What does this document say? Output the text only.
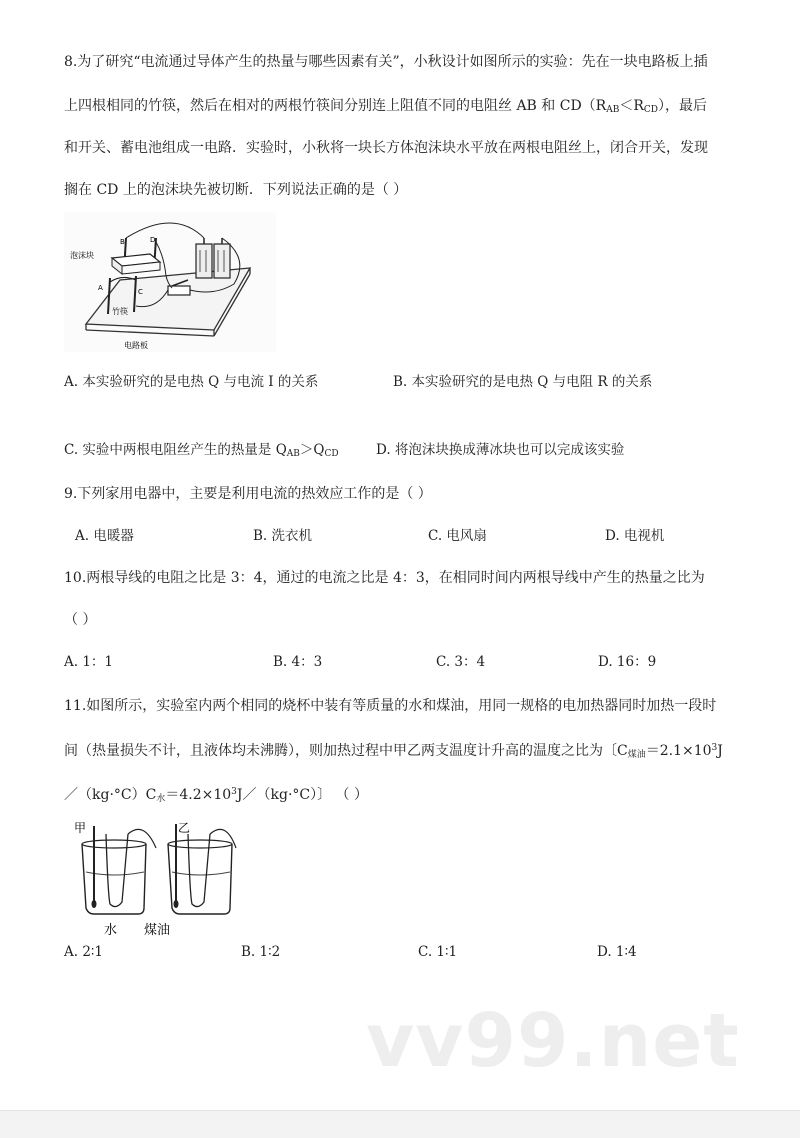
8.为了研究“电流通过导体产生的热量与哪些因素有关”，小秋设计如图所示的实验：先在一块电路板上插
上四根相同的竹筷，然后在相对的两根竹筷间分别连上阻值不同的电阻丝 AB 和 $CD(R_{AB}<R_{CD})$，最后
和开关、蓄电池组成一电路．实验时，小秋将一块长方体泡沫块水平放在两根电阻丝上，闭合开关，发现
搁在 CD 上的泡沫块先被切断．下列说法正确的是（ ）
泡沫块
B	D
A	C
竹筷
电路板
A. 本实验研究的是电热 Q 与电流 I 的关系	B. 本实验研究的是电热 Q 与电阻 R 的关系
C. 实验中两根电阻丝产生的热量是 $Q_{AB}>Q_{CD}$	D. 将泡沫块换成薄冰块也可以完成该实验
9.下列家用电器中，主要是利用电流的热效应工作的是（ ）
A. 电暖器	B. 洗衣机	C. 电风扇	D. 电视机
10.两根导线的电阻之比是 3：4，通过的电流之比是 4：3，在相同时间内两根导线中产生的热量之比为
（ ）
A. 1：1	B. 4：3	C. 3：4	D. 16：9
11.如图所示，实验室内两个相同的烧杯中装有等质量的水和煤油，用同一规格的电加热器同时加热一段时
间（热量损失不计，且液体均未沸腾），则加热过程中甲乙两支温度计升高的温度之比为〔$C_{煤油}=2.1\times 10^3J$
$/(kg\cdot^\circ C)C_水=4.2\times 10^3J/(kg\cdot^\circ C)$〕 （ ）
甲	乙
水 煤油
A. 2∶1	B. 1∶2	C. 1∶1	D. 1∶4
vv99.net
